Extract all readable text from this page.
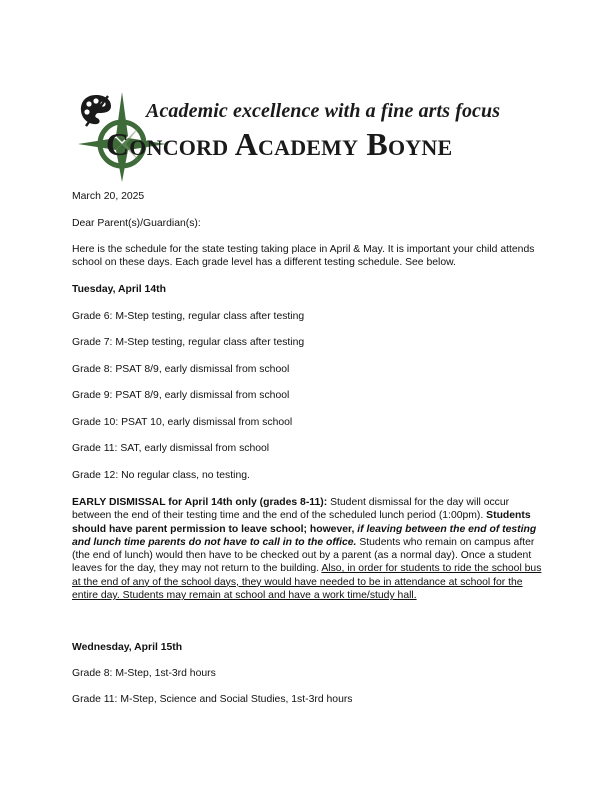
Academic excellence with a fine arts focus
Concord Academy Boyne

March 20, 2025

Dear Parent(s)/Guardian(s):

Here is the schedule for the state testing taking place in April & May. It is important your child attends school on these days. Each grade level has a different testing schedule. See below.

Tuesday, April 14th

Grade 6: M-Step testing, regular class after testing

Grade 7: M-Step testing, regular class after testing

Grade 8: PSAT 8/9, early dismissal from school

Grade 9: PSAT 8/9, early dismissal from school

Grade 10: PSAT 10, early dismissal from school

Grade 11: SAT, early dismissal from school

Grade 12: No regular class, no testing.

EARLY DISMISSAL for April 14th only (grades 8-11): Student dismissal for the day will occur between the end of their testing time and the end of the scheduled lunch period (1:00pm). Students should have parent permission to leave school; however, if leaving between the end of testing and lunch time parents do not have to call in to the office. Students who remain on campus after (the end of lunch) would then have to be checked out by a parent (as a normal day). Once a student leaves for the day, they may not return to the building. Also, in order for students to ride the school bus at the end of any of the school days, they would have needed to be in attendance at school for the entire day. Students may remain at school and have a work time/study hall.

Wednesday, April 15th

Grade 8: M-Step, 1st-3rd hours

Grade 11: M-Step, Science and Social Studies, 1st-3rd hours
